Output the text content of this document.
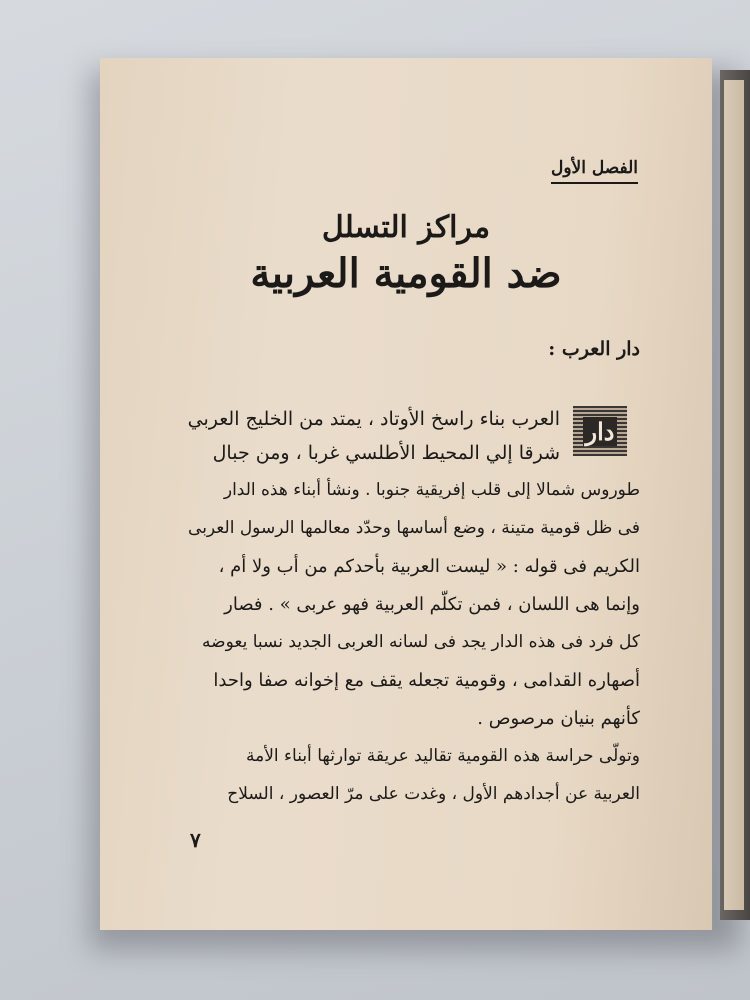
الفصل الأول
مراكز التسلل
ضد القومية العربية
دار العرب :
دار
العرب بناء راسخ الأوتاد ، يمتد من الخليج العربي
شرقا إلي المحيط الأطلسي غربا ، ومن جبال
طوروس شمالا إلى قلب إفريقية جنوبا . ونشأ أبناء هذه الدار
فى ظل قومية متينة ، وضع أساسها وحدّد معالمها الرسول العربى
الكريم فى قوله : « ليست العربية بأحدكم من أب ولا أم ،
وإنما هى اللسان ، فمن تكلّم العربية فهو عربى » . فصار
كل فرد فى هذه الدار يجد فى لسانه العربى الجديد نسبا يعوضه
أصهاره القدامى ، وقومية تجعله يقف مع إخوانه صفا واحدا
كأنهم بنيان مرصوص .
وتولّى حراسة هذه القومية تقاليد عريقة توارثها أبناء الأمة
العربية عن أجدادهم الأول ، وغدت على مرّ العصور ، السلاح
٧
